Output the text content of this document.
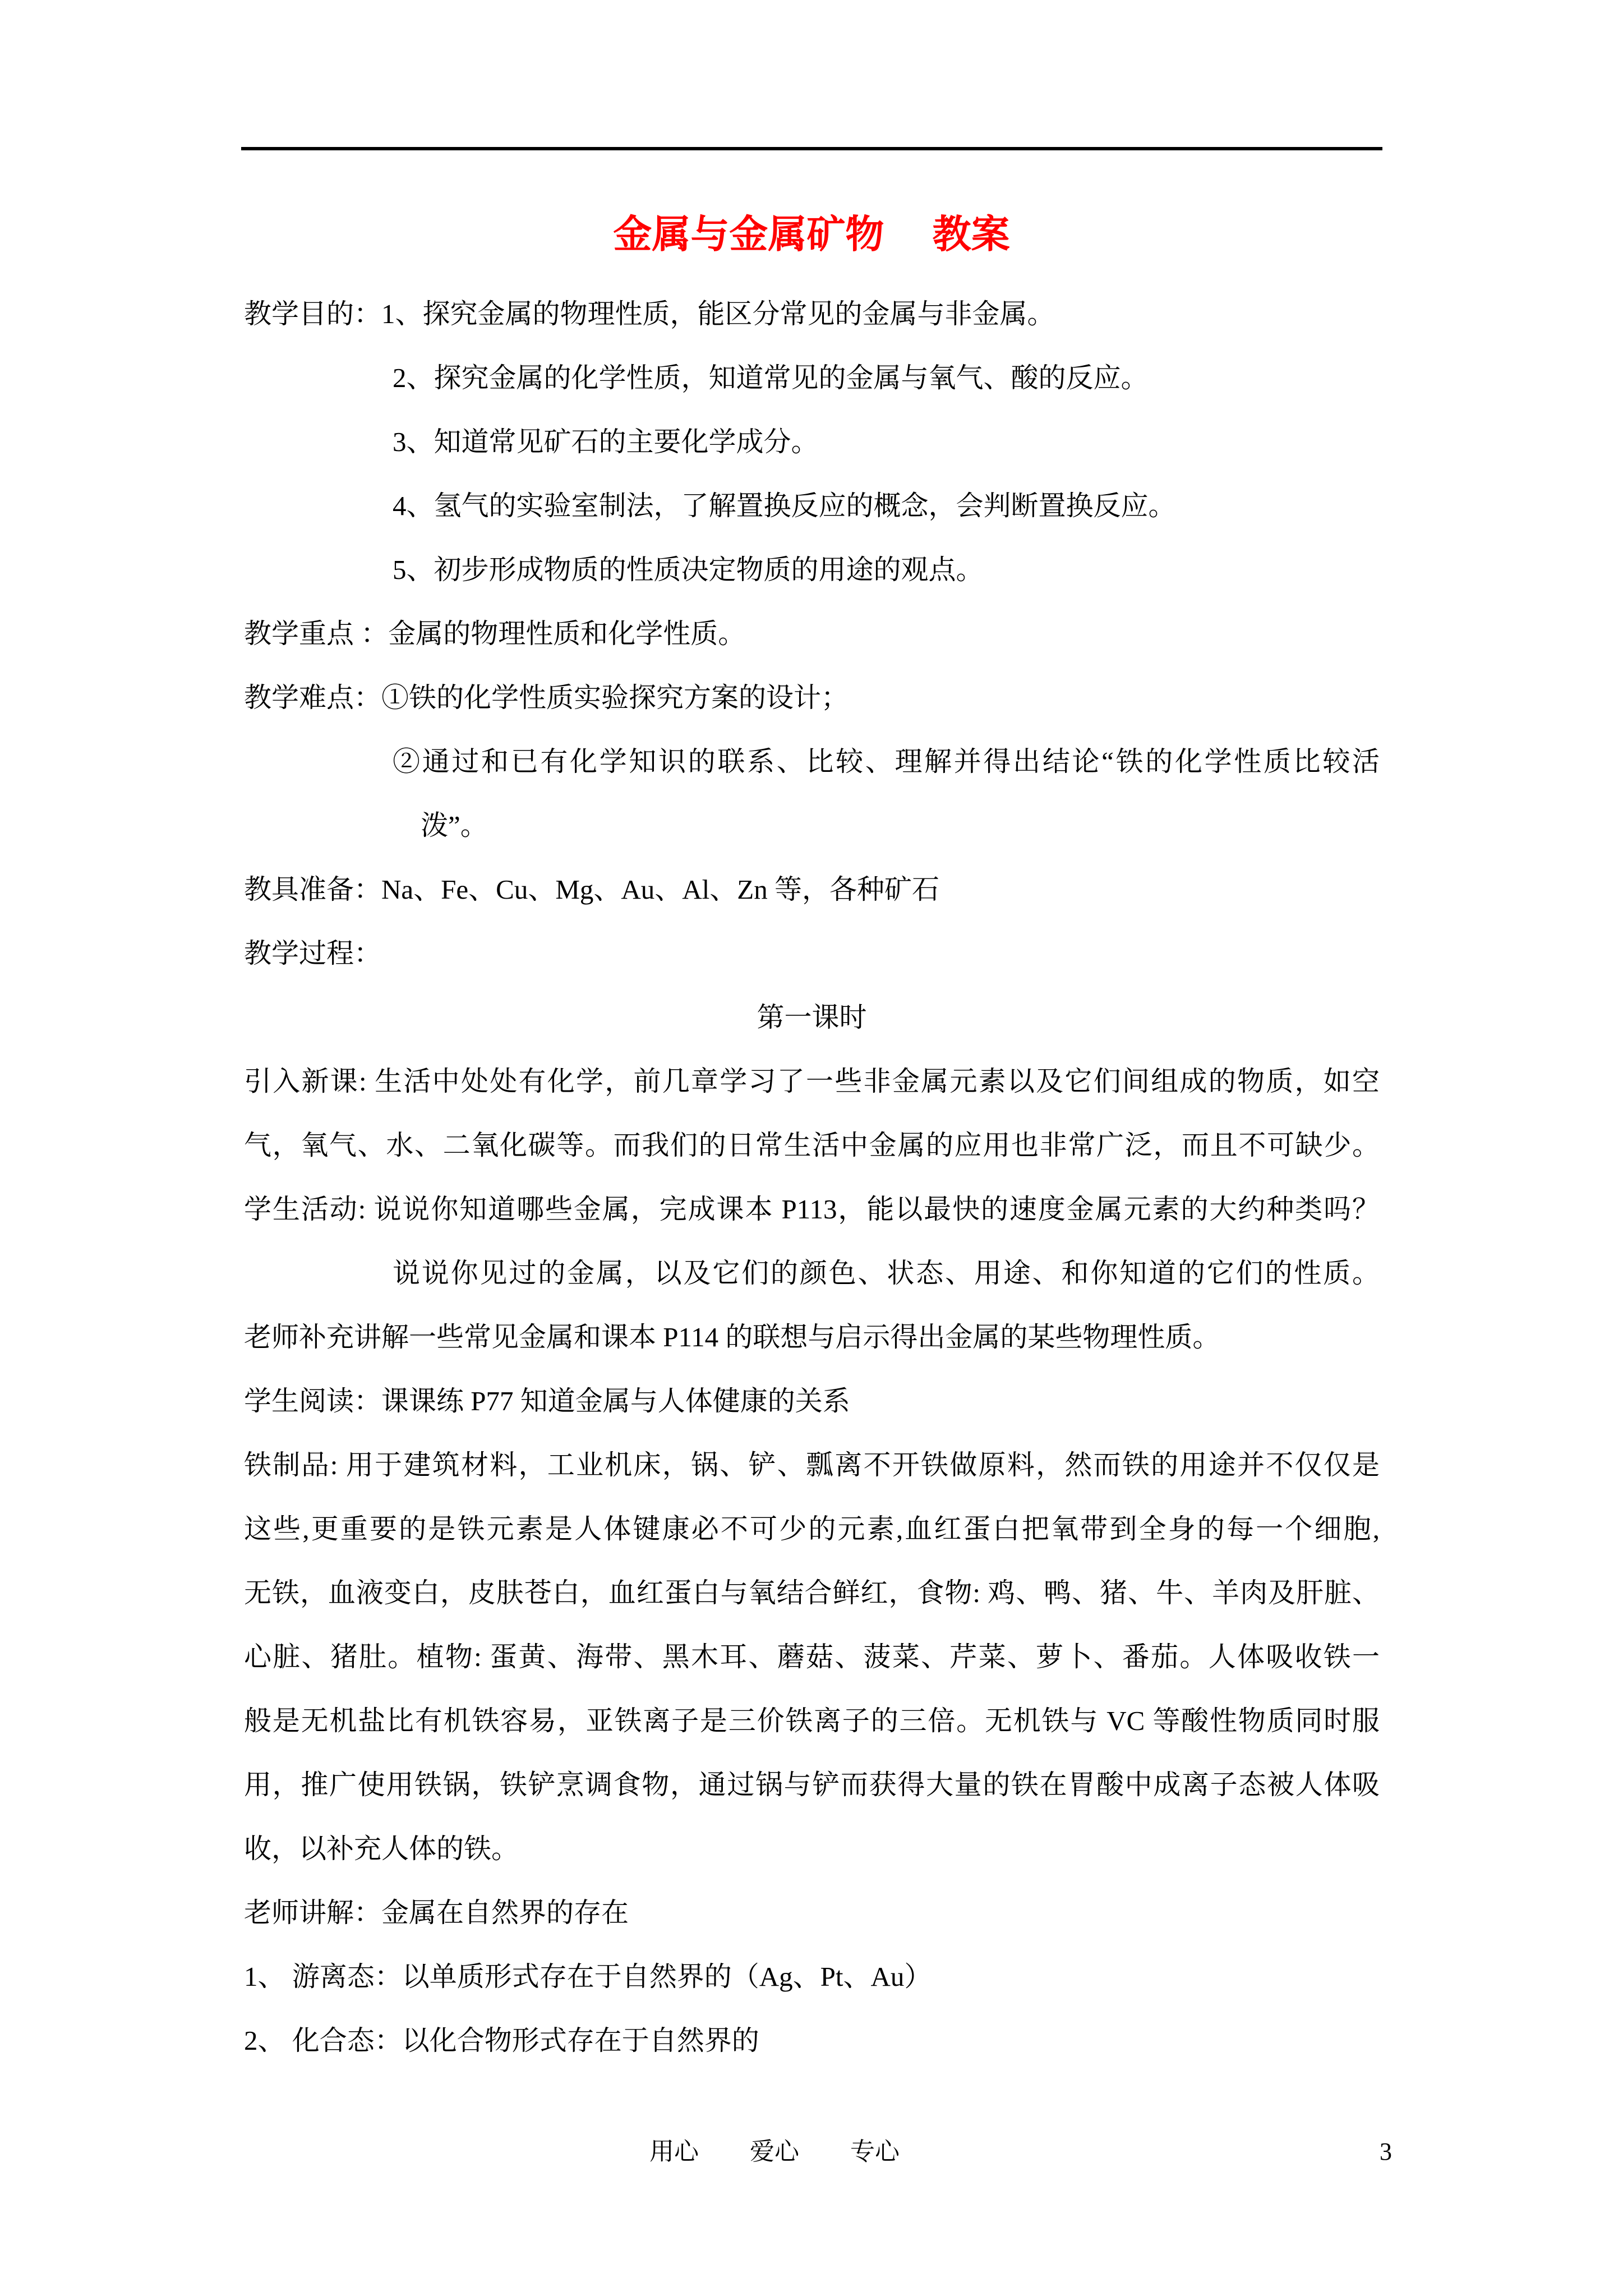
金属与金属矿物　 教案
教学目的：1、探究金属的物理性质，能区分常见的金属与非金属。
2、探究金属的化学性质，知道常见的金属与氧气、酸的反应。
3、知道常见矿石的主要化学成分。
4、氢气的实验室制法，了解置换反应的概念，会判断置换反应。
5、初步形成物质的性质决定物质的用途的观点。
教学重点 ：金属的物理性质和化学性质。
教学难点：①铁的化学性质实验探究方案的设计；
②通过和已有化学知识的联系、比较、理解并得出结论“铁的化学性质比较活
泼”。
教具准备：Na、Fe、Cu、Mg、Au、Al、Zn 等，各种矿石
教学过程：
第一课时
引入新课: 生活中处处有化学，前几章学习了一些非金属元素以及它们间组成的物质，如空
气，氧气、水、二氧化碳等。而我们的日常生活中金属的应用也非常广泛，而且不可缺少。
学生活动: 说说你知道哪些金属，完成课本 P113，能以最快的速度金属元素的大约种类吗？
说说你见过的金属，以及它们的颜色、状态、用途、和你知道的它们的性质。
老师补充讲解一些常见金属和课本 P114 的联想与启示得出金属的某些物理性质。
学生阅读：课课练 P77 知道金属与人体健康的关系
铁制品: 用于建筑材料，工业机床，锅、铲、瓢离不开铁做原料，然而铁的用途并不仅仅是
这些,更重要的是铁元素是人体键康必不可少的元素,血红蛋白把氧带到全身的每一个细胞,
无铁，血液变白，皮肤苍白，血红蛋白与氧结合鲜红，食物: 鸡、鸭、猪、牛、羊肉及肝脏、
心脏、猪肚。植物: 蛋黄、海带、黑木耳、蘑菇、菠菜、芹菜、萝卜、番茄。人体吸收铁一
般是无机盐比有机铁容易，亚铁离子是三价铁离子的三倍。无机铁与 VC 等酸性物质同时服
用，推广使用铁锅，铁铲烹调食物，通过锅与铲而获得大量的铁在胃酸中成离子态被人体吸
收，以补充人体的铁。
老师讲解：金属在自然界的存在
1、 游离态：以单质形式存在于自然界的（Ag、Pt、Au）
2、 化合态：以化合物形式存在于自然界的
用心 爱心 专心	3
